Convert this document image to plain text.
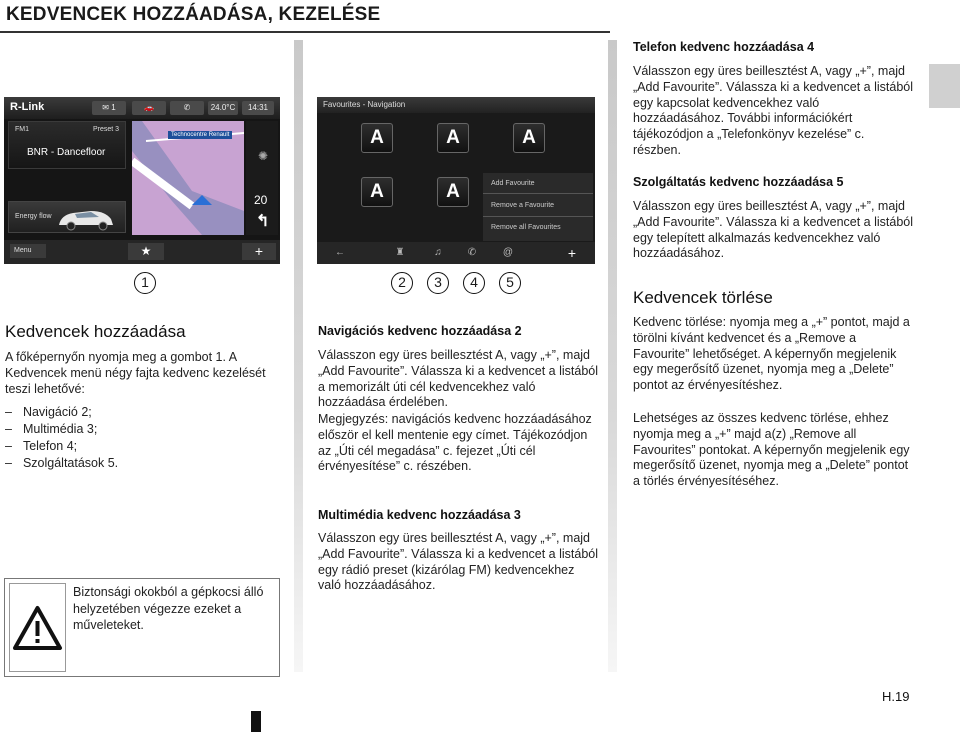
KEDVENCEK HOZZÁADÁSA, KEZELÉSE
R-Link	✉ 1	🚗	✆	24.0°C	14:31
FM1	Preset 3
BNR - Dancefloor
Energy flow
Technocentre Renault
✺
20
↰
Menu	★	+
Favourites - Navigation
A	A	A
A	A	Add Favourite
Remove a Favourite
Remove all Favourites
←	♜	♫	✆	@	+
1	2	3	4	5
Kedvencek hozzáadása
A főképernyőn nyomja meg a gombot 1. A Kedvencek menü négy fajta kedvenc kezelését teszi lehetővé:
– Navigáció 2;
– Multimédia 3;
– Telefon 4;
– Szolgáltatások 5.
Biztonsági okokból a gépkocsi álló helyzetében végezze ezeket a műveleteket.
Navigációs kedvenc hozzáadása 2
Válasszon egy üres beillesztést A, vagy „+”, majd „Add Favourite”. Válassza ki a kedvencet a listából a memorizált úti cél kedvencekhez való hozzáadása érdelében.
Megjegyzés: navigációs kedvenc hozzáadásához először el kell mentenie egy címet. Tájékozódjon az „Úti cél megadása” c. fejezet „Úti cél érvényesítése” c. részében.
Multimédia kedvenc hozzáadása 3
Válasszon egy üres beillesztést A, vagy „+”, majd „Add Favourite”. Válassza ki a kedvencet a listából egy rádió preset (kizárólag FM) kedvencekhez való hozzáadásához.
Telefon kedvenc hozzáadása 4
Válasszon egy üres beillesztést A, vagy „+”, majd „Add Favourite”. Válassza ki a kedvencet a listából egy kapcsolat kedvencekhez való hozzáadásához. További információkért tájékozódjon a „Telefonkönyv kezelése” c. részben.
Szolgáltatás kedvenc hozzáadása 5
Válasszon egy üres beillesztést A, vagy „+”, majd „Add Favourite”. Válassza ki a kedvencet a listából egy telepített alkalmazás kedvencekhez való hozzáadásához.
Kedvencek törlése
Kedvenc törlése: nyomja meg a „+” pontot, majd a törölni kívánt kedvencet és a „Remove a Favourite” lehetőséget. A képernyőn megjelenik egy megerősítő üzenet, nyomja meg a „Delete” pontot az érvényesítéshez.
Lehetséges az összes kedvenc törlése, ehhez nyomja meg a „+” majd a(z) „Remove all Favourites” pontokat. A képernyőn megjelenik egy megerősítő üzenet, nyomja meg a „Delete” pontot a törlés érvényesítéséhez.
H.19
